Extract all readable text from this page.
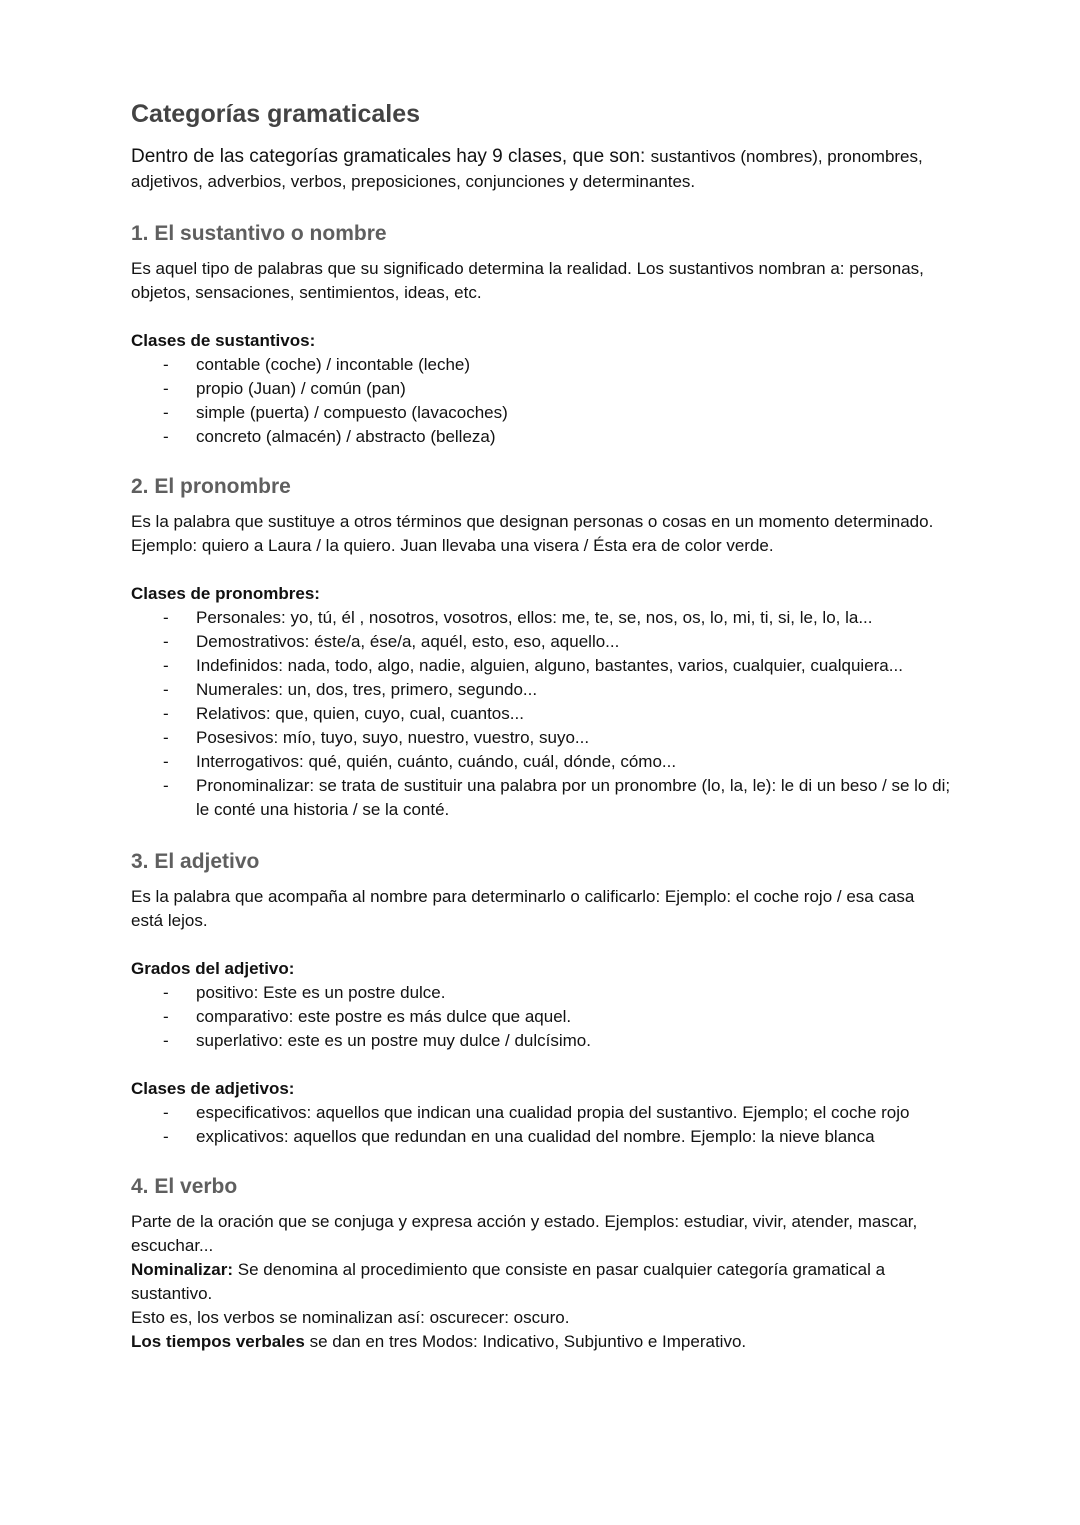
Categorías gramaticales

Dentro de las categorías gramaticales hay 9 clases, que son: sustantivos (nombres), pronombres, adjetivos, adverbios, verbos, preposiciones, conjunciones y determinantes.

1. El sustantivo o nombre

Es aquel tipo de palabras que su significado determina la realidad. Los sustantivos nombran a: personas, objetos, sensaciones, sentimientos, ideas, etc.

Clases de sustantivos:

- contable (coche) / incontable (leche)
- propio (Juan) / común (pan)
- simple (puerta) / compuesto (lavacoches)
- concreto (almacén) / abstracto (belleza)
2. El pronombre

Es la palabra que sustituye a otros términos que designan personas o cosas en un momento determinado. Ejemplo: quiero a Laura / la quiero. Juan llevaba una visera / Ésta era de color verde.

Clases de pronombres:

- Personales: yo, tú, él , nosotros, vosotros, ellos: me, te, se, nos, os, lo, mi, ti, si, le, lo, la...
- Demostrativos: éste/a, ése/a, aquél, esto, eso, aquello...
- Indefinidos: nada, todo, algo, nadie, alguien, alguno, bastantes, varios, cualquier, cualquiera...
- Numerales: un, dos, tres, primero, segundo...
- Relativos: que, quien, cuyo, cual, cuantos...
- Posesivos: mío, tuyo, suyo, nuestro, vuestro, suyo...
- Interrogativos: qué, quién, cuánto, cuándo, cuál, dónde, cómo...
- Pronominalizar: se trata de sustituir una palabra por un pronombre (lo, la, le): le di un beso / se lo di; le conté una historia / se la conté.
3. El adjetivo

Es la palabra que acompaña al nombre para determinarlo o calificarlo: Ejemplo: el coche rojo / esa casa está lejos.

Grados del adjetivo:

- positivo: Este es un postre dulce.
- comparativo: este postre es más dulce que aquel.
- superlativo: este es un postre muy dulce / dulcísimo.

Clases de adjetivos:

- especificativos: aquellos que indican una cualidad propia del sustantivo. Ejemplo; el coche rojo
- explicativos: aquellos que redundan en una cualidad del nombre. Ejemplo: la nieve blanca
4. El verbo

Parte de la oración que se conjuga y expresa acción y estado. Ejemplos: estudiar, vivir, atender, mascar, escuchar...

Nominalizar: Se denomina al procedimiento que consiste en pasar cualquier categoría gramatical a sustantivo.

Esto es, los verbos se nominalizan así: oscurecer: oscuro.

Los tiempos verbales se dan en tres Modos: Indicativo, Subjuntivo e Imperativo.
